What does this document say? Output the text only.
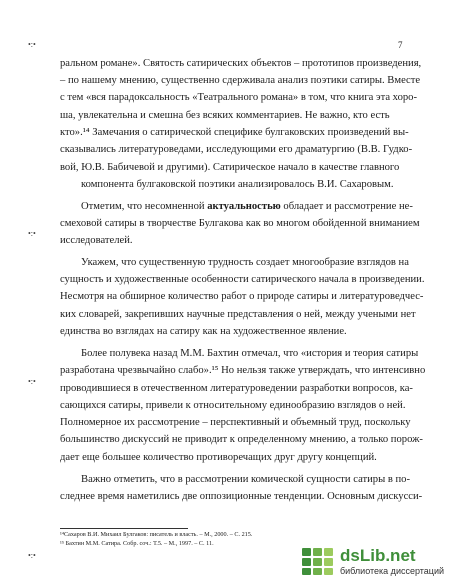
•:•
•:•
•:•
•:•
7
ральном романе». Святость сатирических объектов – прототипов произведения,
– по нашему мнению, существенно сдерживала анализ поэтики сатиры. Вместе
с тем «вся парадоксальность «Театрального романа» в том, что книга эта хоро-
ша, увлекательна и смешна без всяких комментариев. Не важно, кто есть
кто».¹⁴ Замечания о сатирической специфике булгаковских произведений вы-
сказывались литературоведами, исследующими его драматургию (В.В. Гудко-
вой, Ю.В. Бабичевой и другими). Сатирическое начало в качестве главного
компонента булгаковской поэтики анализировалось В.И. Сахаровым.
Отметим, что несомненной актуальностью обладает и рассмотрение не-
смеховой сатиры в творчестве Булгакова как во многом обойденной вниманием
исследователей.
Укажем, что существенную трудность создает многообразие взглядов на
сущность и художественные особенности сатирического начала в произведении.
Несмотря на обширное количество работ о природе сатиры и литературоведчес-
ких словарей, закрепивших научные представления о ней, между учеными нет
единства во взглядах на сатиру как на художественное явление.
Более полувека назад М.М. Бахтин отмечал, что «история и теория сатиры
разработана чрезвычайно слабо».¹⁵ Но нельзя также утверждать, что интенсивно
проводившиеся в отечественном литературоведении разработки вопросов, ка-
сающихся сатиры, привели к относительному единообразию взглядов о ней.
Полномерное их рассмотрение – перспективный и объемный труд, поскольку
большинство дискуссий не приводит к определенному мнению, а только порож-
дает еще большее количество противоречащих друг другу концепций.
Важно отметить, что в рассмотрении комической сущности сатиры в по-
следнее время наметились две оппозиционные тенденции. Основным дискусси-
¹⁴Сахаров В.И. Михаил Булгаков: писатель и власть. – М., 2000. – С. 215.
¹⁵ Бахтин М.М. Сатира. Собр. соч.: Т.5. – М., 1997. – С. 11.
dsLib.net
библиотека диссертаций
